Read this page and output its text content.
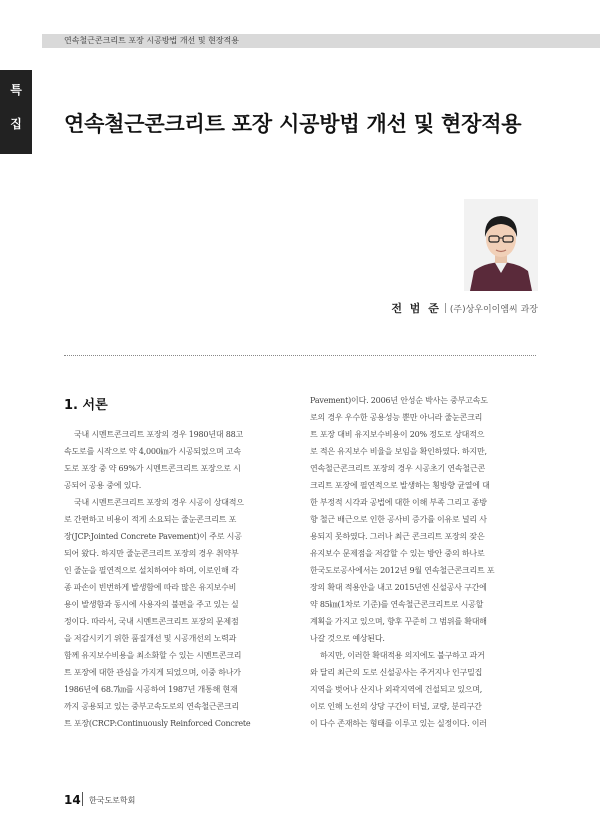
연속철근콘크리트 포장 시공방법 개선 및 현장적용
특
집	연속철근콘크리트 포장 시공방법 개선 및 현장적용
전 범 준 (주)상우이이엠씨 과장
1. 서론
국내 시멘트콘크리트 포장의 경우 1980년대 88고
속도로를 시작으로 약 4,000㎞가 시공되었으며 고속
도로 포장 중 약 69%가 시멘트콘크리트 포장으로 시
공되어 공용 중에 있다.
국내 시멘트콘크리트 포장의 경우 시공이 상대적으
로 간편하고 비용이 적게 소요되는 줄눈콘크리트 포
장(JCP:Jointed Concrete Pavement)이 주로 시공
되어 왔다. 하지만 줄눈콘크리트 포장의 경우 취약부
인 줄눈을 필연적으로 설치하여야 하며, 이로인해 각
종 파손이 빈번하게 발생함에 따라 많은 유지보수비
용이 발생함과 동시에 사용자의 불편을 주고 있는 실
정이다. 따라서, 국내 시멘트콘크리트 포장의 문제점
을 저감시키기 위한 품질개선 및 시공개선의 노력과
함께 유지보수비용을 최소화할 수 있는 시멘트콘크리
트 포장에 대한 관심을 가지게 되었으며, 이중 하나가
1986년에 68.7㎞를 시공하여 1987년 개통해 현재
까지 공용되고 있는 중부고속도로의 연속철근콘크리
트 포장(CRCP:Continuously Reinforced Concrete
Pavement)이다. 2006년 안성순 박사는 중부고속도
로의 경우 우수한 공용성능 뿐만 아니라 줄눈콘크리
트 포장 대비 유지보수비용이 20% 정도로 상대적으
로 적은 유지보수 비율을 보임을 확인하였다. 하지만,
연속철근콘크리트 포장의 경우 시공초기 연속철근콘
크리트 포장에 필연적으로 발생하는 횡방향 균열에 대
한 부정적 시각과 공법에 대한 이해 부족 그리고 종방
향 철근 배근으로 인한 공사비 증가를 이유로 널리 사
용되지 못하였다. 그러나 최근 콘크리트 포장의 잦은
유지보수 문제점을 저감할 수 있는 방안 중의 하나로
한국도로공사에서는 2012년 9월 연속철근콘크리트 포
장의 확대 적용안을 내고 2015년엔 신설공사 구간에
약 85㎞(1차로 기준)를 연속철근콘크리트로 시공할
계획을 가지고 있으며, 향후 꾸준히 그 범위를 확대해
나갈 것으로 예상된다.
하지만, 이러한 확대적용 의지에도 불구하고 과거
와 달리 최근의 도로 신설공사는 주거지나 인구밀집
지역을 벗어나 산지나 외곽지역에 건설되고 있으며,
이로 인해 노선의 상당 구간이 터널, 교량, 분리구간
이 다수 존재하는 형태를 이루고 있는 실정이다. 이러
14 한국도로학회
